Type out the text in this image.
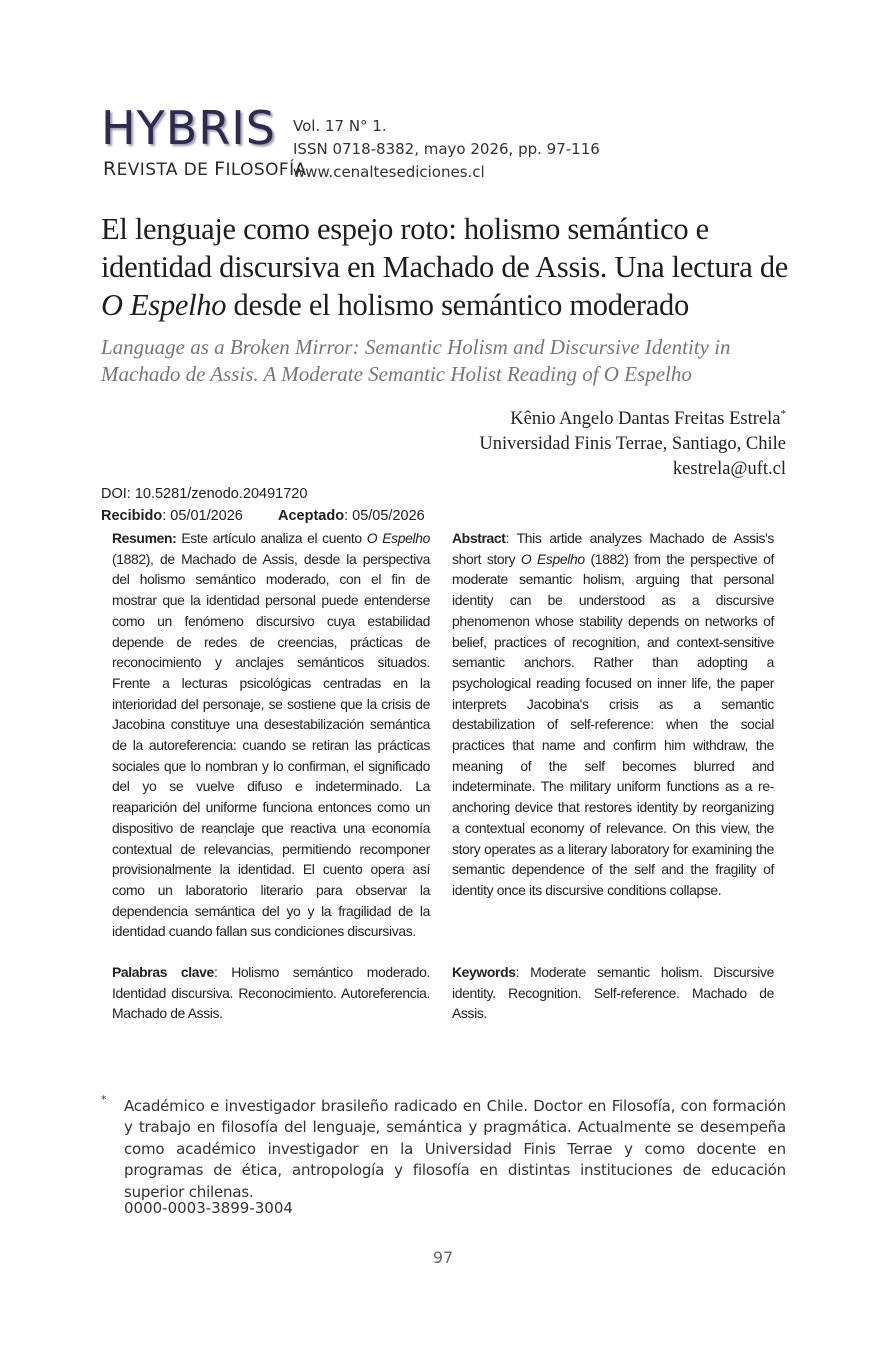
HYBRIS
REVISTA DE FILOSOFÍA
Vol. 17 N° 1.
ISSN 0718-8382, mayo 2026, pp. 97-116
www.cenaltesediciones.cl
El lenguaje como espejo roto: holismo semántico e identidad discursiva en Machado de Assis. Una lectura de O Espelho desde el holismo semántico moderado
Language as a Broken Mirror: Semantic Holism and Discursive Identity in Machado de Assis. A Moderate Semantic Holist Reading of O Espelho
Kênio Angelo Dantas Freitas Estrela*
Universidad Finis Terrae, Santiago, Chile
kestrela@uft.cl
DOI: 10.5281/zenodo.20491720
Recibido: 05/01/2026 Aceptado: 05/05/2026
Resumen: Este artículo analiza el cuento O Espelho (1882), de Machado de Assis, desde la perspectiva del holismo semántico moderado, con el fin de mostrar que la identidad personal puede entenderse como un fenómeno discursivo cuya estabilidad depende de redes de creencias, prácticas de reconocimiento y anclajes semánticos situados. Frente a lecturas psicológicas centradas en la interioridad del personaje, se sostiene que la crisis de Jacobina constituye una desestabilización semántica de la autoreferencia: cuando se retiran las prácticas sociales que lo nombran y lo confirman, el significado del yo se vuelve difuso e indeterminado. La reaparición del uniforme funciona entonces como un dispositivo de reanclaje que reactiva una economía contextual de relevancias, permitiendo recomponer provisionalmente la identidad. El cuento opera así como un laboratorio literario para observar la dependencia semántica del yo y la fragilidad de la identidad cuando fallan sus condiciones discursivas.
Abstract: This artide analyzes Machado de Assis's short story O Espelho (1882) from the perspective of moderate semantic holism, arguing that personal identity can be understood as a discursive phenomenon whose stability depends on networks of belief, practices of recognition, and context-sensitive semantic anchors. Rather than adopting a psychological reading focused on inner life, the paper interprets Jacobina's crisis as a semantic destabilization of self-reference: when the social practices that name and confirm him withdraw, the meaning of the self becomes blurred and indeterminate. The military uniform functions as a re-anchoring device that restores identity by reorganizing a contextual economy of relevance. On this view, the story operates as a literary laboratory for examining the semantic dependence of the self and the fragility of identity once its discursive conditions collapse.
Palabras clave: Holismo semántico moderado. Identidad discursiva. Reconocimiento. Autoreferencia. Machado de Assis.
Keywords: Moderate semantic holism. Discursive identity. Recognition. Self-reference. Machado de Assis.
* Académico e investigador brasileño radicado en Chile. Doctor en Filosofía, con formación y trabajo en filosofía del lenguaje, semántica y pragmática. Actualmente se desempeña como académico investigador en la Universidad Finis Terrae y como docente en programas de ética, antropología y filosofía en distintas instituciones de educación superior chilenas.
0000-0003-3899-3004
97
